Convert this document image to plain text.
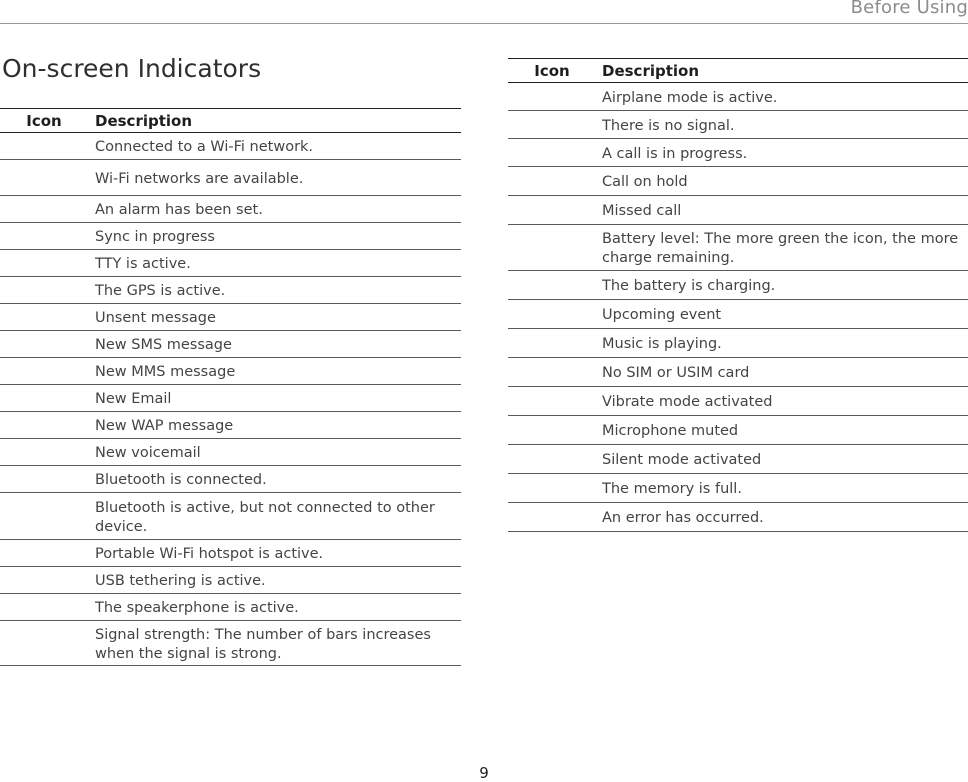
Before Using
On-screen Indicators
Icon	Description
Connected to a Wi-Fi network.
Wi-Fi networks are available.
An alarm has been set.
Sync in progress
TTY is active.
The GPS is active.
Unsent message
New SMS message
New MMS message
New Email
New WAP message
New voicemail
Bluetooth is connected.
Bluetooth is active, but not connected to other device.
Portable Wi-Fi hotspot is active.
USB tethering is active.
The speakerphone is active.
Signal strength: The number of bars increases when the signal is strong.
Icon	Description
Airplane mode is active.
There is no signal.
A call is in progress.
Call on hold
Missed call
Battery level: The more green the icon, the more charge remaining.
The battery is charging.
Upcoming event
Music is playing.
No SIM or USIM card
Vibrate mode activated
Microphone muted
Silent mode activated
The memory is full.
An error has occurred.
9
